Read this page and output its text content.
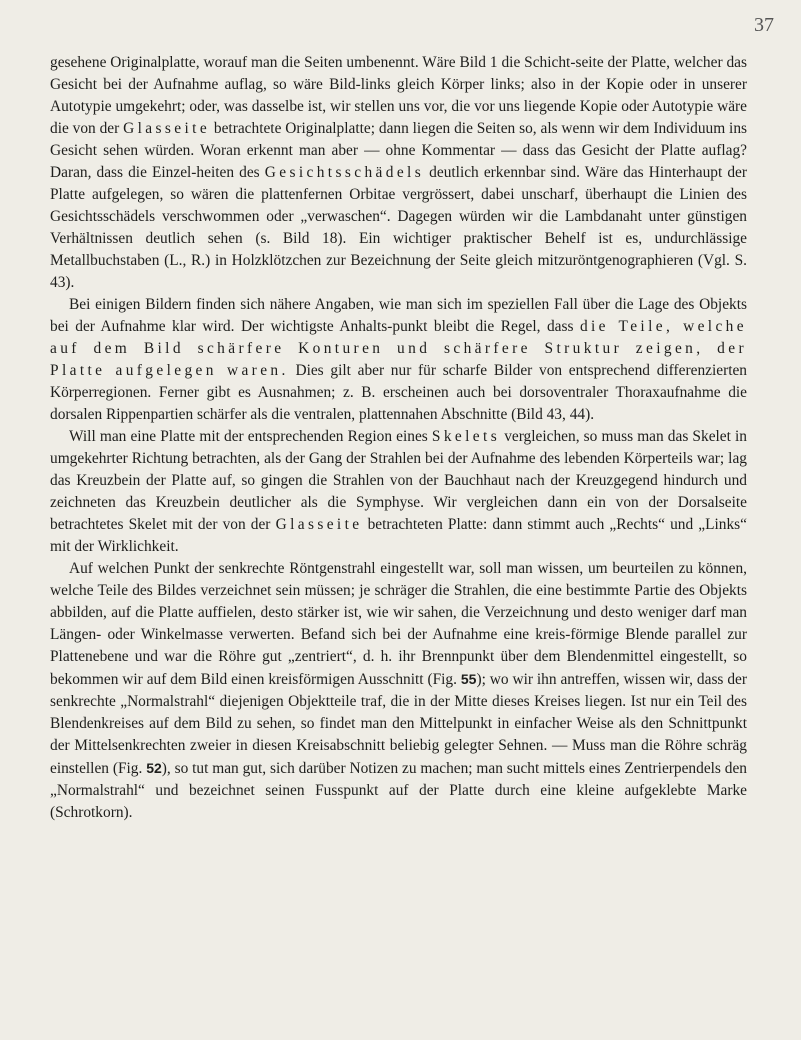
37

gesehene Originalplatte, worauf man die Seiten umbenennt. Wäre Bild 1 die Schicht-seite der Platte, welcher das Gesicht bei der Aufnahme auflag, so wäre Bild-links gleich Körper links; also in der Kopie oder in unserer Autotypie umgekehrt; oder, was dasselbe ist, wir stellen uns vor, die vor uns liegende Kopie oder Autotypie wäre die von der Glasseite betrachtete Originalplatte; dann liegen die Seiten so, als wenn wir dem Individuum ins Gesicht sehen würden. Woran erkennt man aber — ohne Kommentar — dass das Gesicht der Platte auflag? Daran, dass die Einzel-heiten des Gesichtsschädels deutlich erkennbar sind. Wäre das Hinterhaupt der Platte aufgelegen, so wären die plattenfernen Orbitae vergrössert, dabei unscharf, überhaupt die Linien des Gesichtsschädels verschwommen oder „verwaschen“. Dagegen würden wir die Lambdanaht unter günstigen Verhältnissen deutlich sehen (s. Bild 18). Ein wichtiger praktischer Behelf ist es, undurchlässige Metallbuchstaben (L., R.) in Holzklötzchen zur Bezeichnung der Seite gleich mitzuröntgenographieren (Vgl. S. 43).

Bei einigen Bildern finden sich nähere Angaben, wie man sich im speziellen Fall über die Lage des Objekts bei der Aufnahme klar wird. Der wichtigste Anhalts-punkt bleibt die Regel, dass die Teile, welche auf dem Bild schärfere Konturen und schärfere Struktur zeigen, der Platte aufgelegen waren. Dies gilt aber nur für scharfe Bilder von entsprechend differenzierten Körperregionen. Ferner gibt es Ausnahmen; z. B. erscheinen auch bei dorsoventraler Thoraxaufnahme die dorsalen Rippenpartien schärfer als die ventralen, plattennahen Abschnitte (Bild 43, 44).

Will man eine Platte mit der entsprechenden Region eines Skelets vergleichen, so muss man das Skelet in umgekehrter Richtung betrachten, als der Gang der Strahlen bei der Aufnahme des lebenden Körperteils war; lag das Kreuzbein der Platte auf, so gingen die Strahlen von der Bauchhaut nach der Kreuzgegend hindurch und zeichneten das Kreuzbein deutlicher als die Symphyse. Wir vergleichen dann ein von der Dorsalseite betrachtetes Skelet mit der von der Glasseite betrachteten Platte: dann stimmt auch „Rechts“ und „Links“ mit der Wirklichkeit.

Auf welchen Punkt der senkrechte Röntgenstrahl eingestellt war, soll man wissen, um beurteilen zu können, welche Teile des Bildes verzeichnet sein müssen; je schräger die Strahlen, die eine bestimmte Partie des Objekts abbilden, auf die Platte auffielen, desto stärker ist, wie wir sahen, die Verzeichnung und desto weniger darf man Längen- oder Winkelmasse verwerten. Befand sich bei der Aufnahme eine kreis-förmige Blende parallel zur Plattenebene und war die Röhre gut „zentriert“, d. h. ihr Brennpunkt über dem Blendenmittel eingestellt, so bekommen wir auf dem Bild einen kreisförmigen Ausschnitt (Fig. 55); wo wir ihn antreffen, wissen wir, dass der senkrechte „Normalstrahl“ diejenigen Objektteile traf, die in der Mitte dieses Kreises liegen. Ist nur ein Teil des Blendenkreises auf dem Bild zu sehen, so findet man den Mittelpunkt in einfacher Weise als den Schnittpunkt der Mittelsenkrechten zweier in diesen Kreisabschnitt beliebig gelegter Sehnen. — Muss man die Röhre schräg einstellen (Fig. 52), so tut man gut, sich darüber Notizen zu machen; man sucht mittels eines Zentrierpendels den „Normalstrahl“ und bezeichnet seinen Fusspunkt auf der Platte durch eine kleine aufgeklebte Marke (Schrotkorn).
